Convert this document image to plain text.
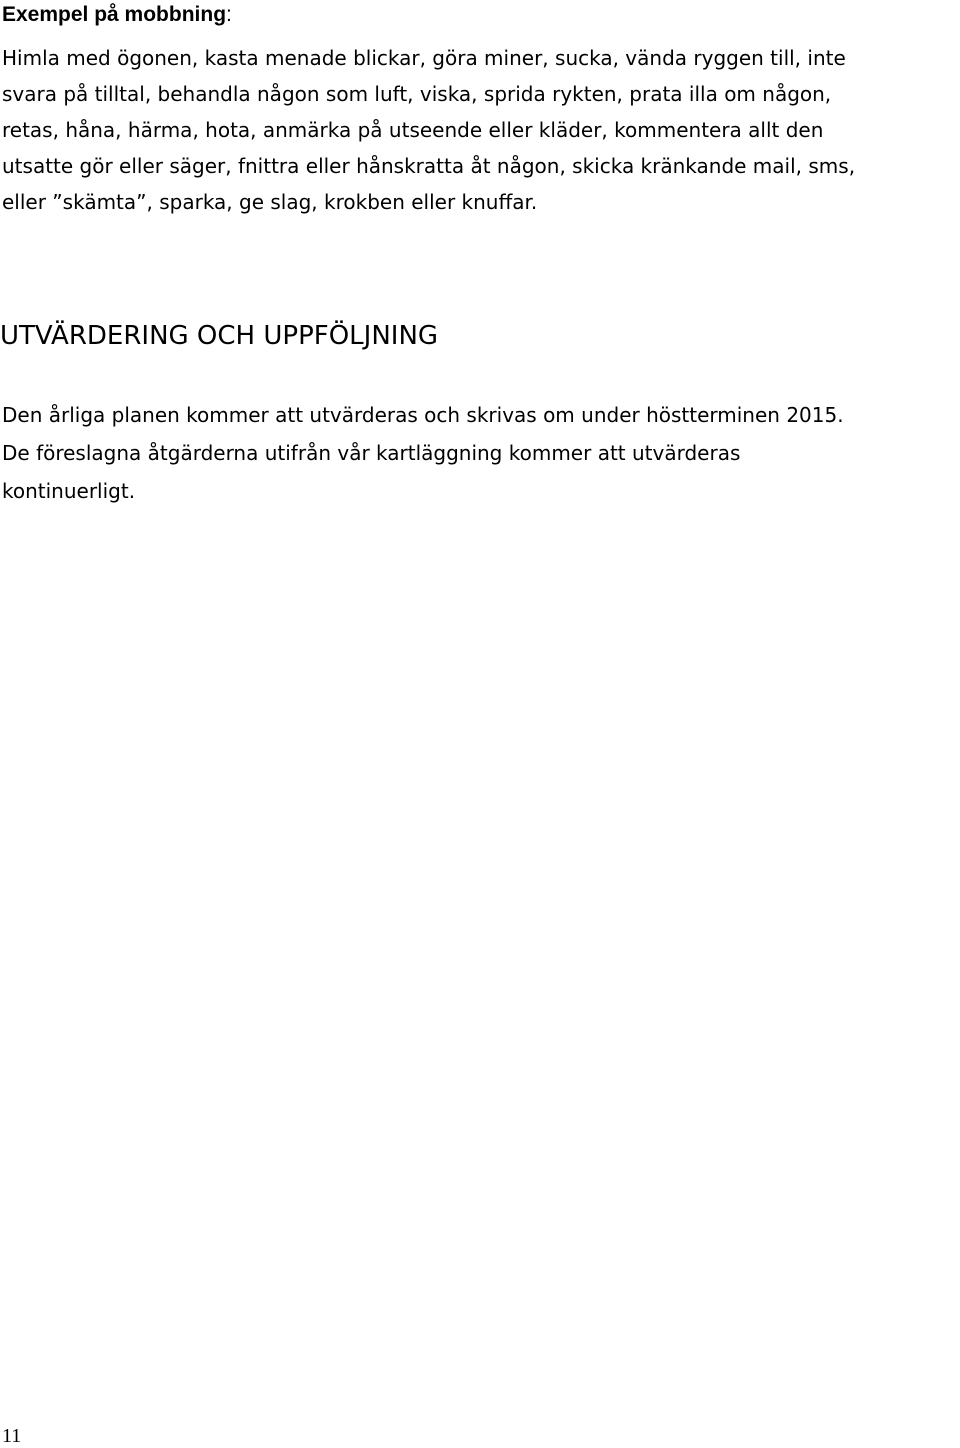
Exempel på mobbning:

Himla med ögonen, kasta menade blickar, göra miner, sucka, vända ryggen till, inte
svara på tilltal, behandla någon som luft, viska, sprida rykten, prata illa om någon,
retas, håna, härma, hota, anmärka på utseende eller kläder, kommentera allt den
utsatte gör eller säger, fnittra eller hånskratta åt någon, skicka kränkande mail, sms,
eller ”skämta”, sparka, ge slag, krokben eller knuffar.

UTVÄRDERING OCH UPPFÖLJNING

Den årliga planen kommer att utvärderas och skrivas om under höstterminen 2015.
De föreslagna åtgärderna utifrån vår kartläggning kommer att utvärderas
kontinuerligt.

11
